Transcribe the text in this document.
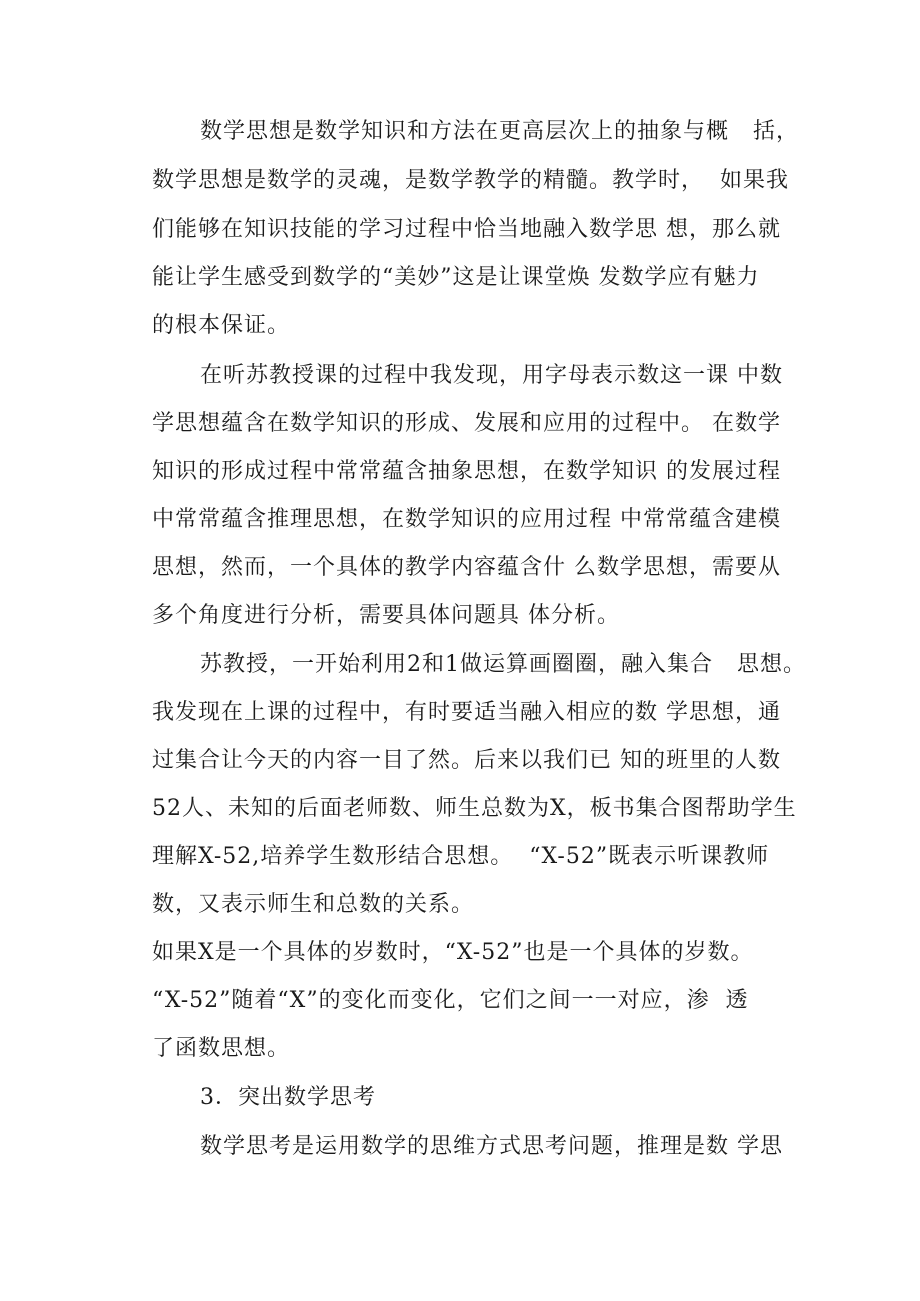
数学思想是数学知识和方法在更高层次上的抽象与概   括，
数学思想是数学的灵魂，是数学教学的精髓。教学时，  如果我
们能够在知识技能的学习过程中恰当地融入数学思 想，那么就
能让学生感受到数学的“美妙”这是让课堂焕 发数学应有魅力
的根本保证。
在听苏教授课的过程中我发现，用字母表示数这一课 中数
学思想蕴含在数学知识的形成、发展和应用的过程中。 在数学
知识的形成过程中常常蕴含抽象思想，在数学知识 的发展过程
中常常蕴含推理思想，在数学知识的应用过程 中常常蕴含建模
思想，然而，一个具体的教学内容蕴含什 么数学思想，需要从
多个角度进行分析，需要具体问题具 体分析。
苏教授，一开始利用2和1做运算画圈圈，融入集合   思想。
我发现在上课的过程中，有时要适当融入相应的数 学思想，通
过集合让今天的内容一目了然。后来以我们已 知的班里的人数
52人、未知的后面老师数、师生总数为X，板书集合图帮助学生
理解X-52,培养学生数形结合思想。  “X-52”既表示听课教师
数，又表示师生和总数的关系。
如果X是一个具体的岁数时，“X-52”也是一个具体的岁数。
“X-52”随着“X”的变化而变化，它们之间一一对应，渗  透
了函数思想。
3．突出数学思考
数学思考是运用数学的思维方式思考问题，推理是数 学思
